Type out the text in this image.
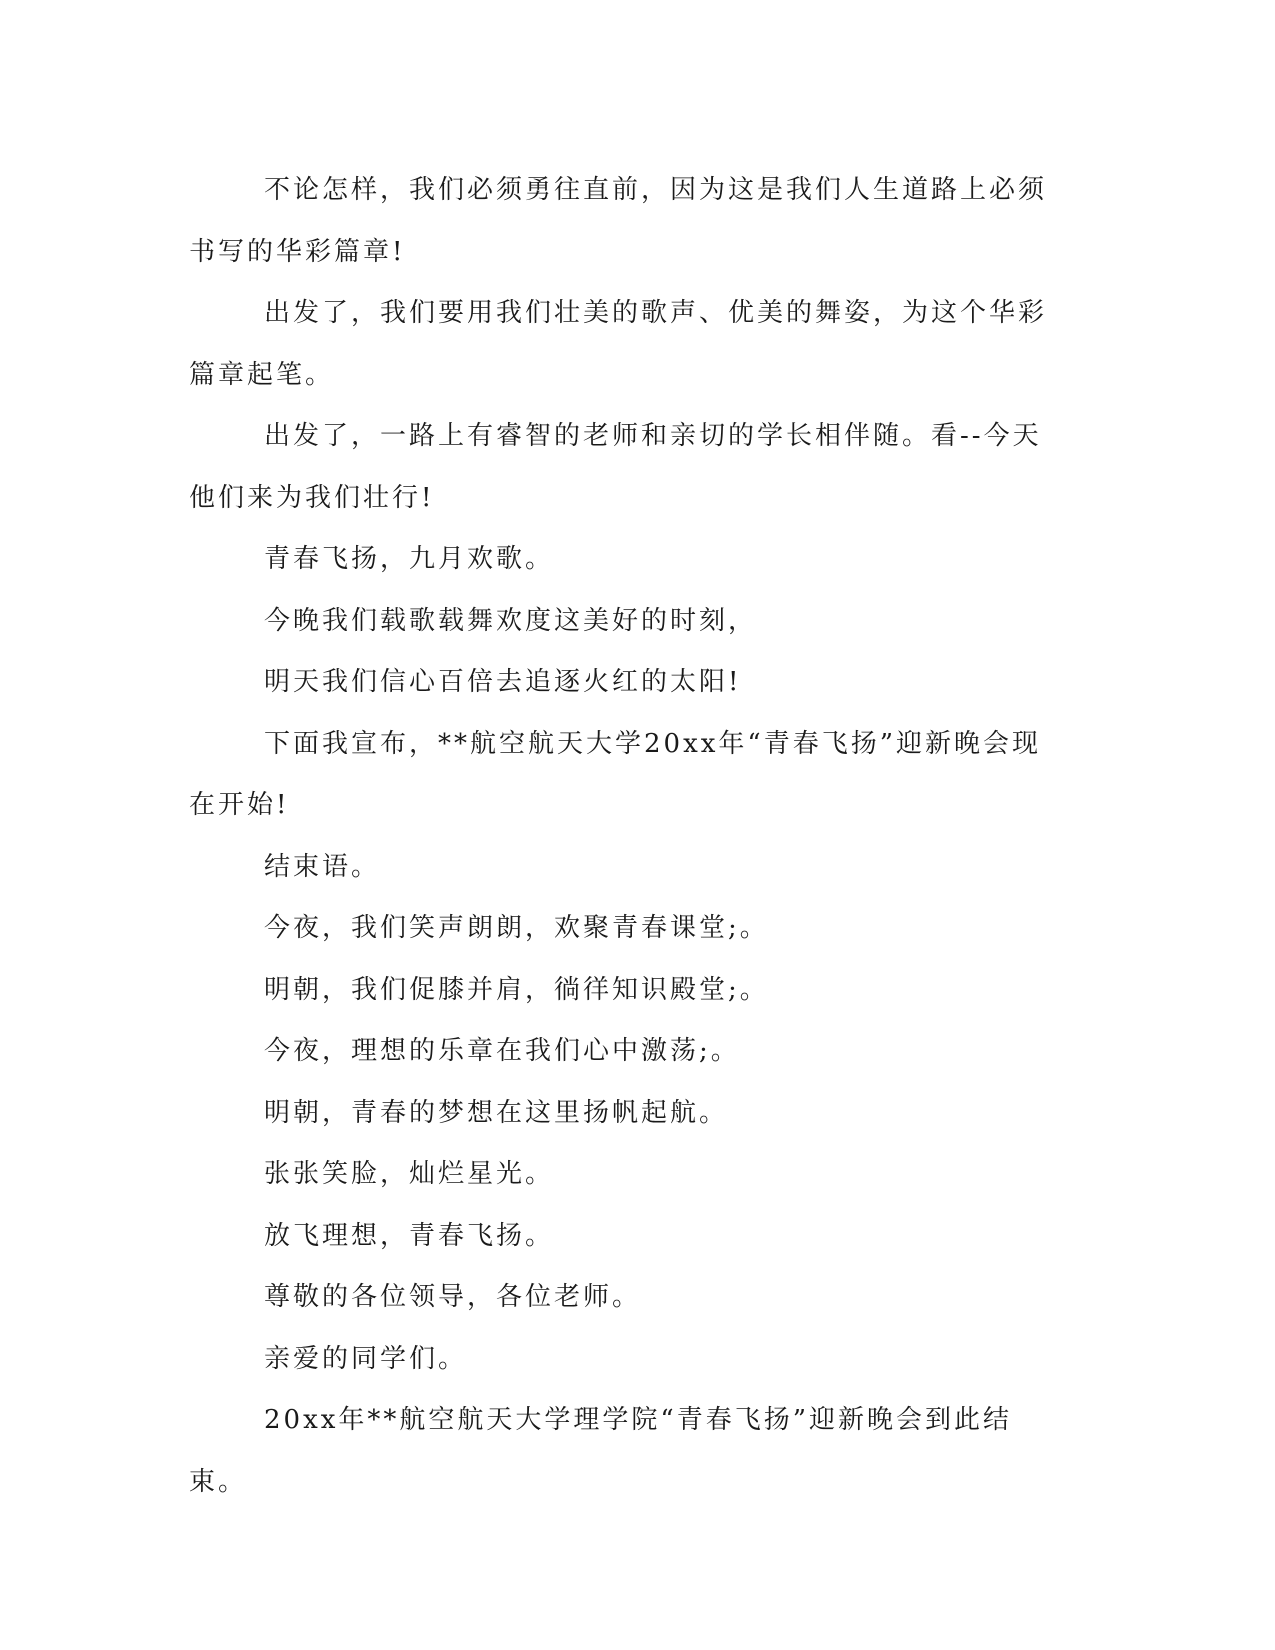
不论怎样，我们必须勇往直前，因为这是我们人生道路上必须书写的华彩篇章!

出发了，我们要用我们壮美的歌声、优美的舞姿，为这个华彩篇章起笔。

出发了，一路上有睿智的老师和亲切的学长相伴随。看--今天他们来为我们壮行!

青春飞扬，九月欢歌。

今晚我们载歌载舞欢度这美好的时刻，

明天我们信心百倍去追逐火红的太阳!

下面我宣布，**航空航天大学20xx年“青春飞扬”迎新晚会现在开始!

结束语。

今夜，我们笑声朗朗，欢聚青春课堂;。

明朝，我们促膝并肩，徜徉知识殿堂;。

今夜，理想的乐章在我们心中激荡;。

明朝，青春的梦想在这里扬帆起航。

张张笑脸，灿烂星光。

放飞理想，青春飞扬。

尊敬的各位领导，各位老师。

亲爱的同学们。

20xx年**航空航天大学理学院“青春飞扬”迎新晚会到此结束。
